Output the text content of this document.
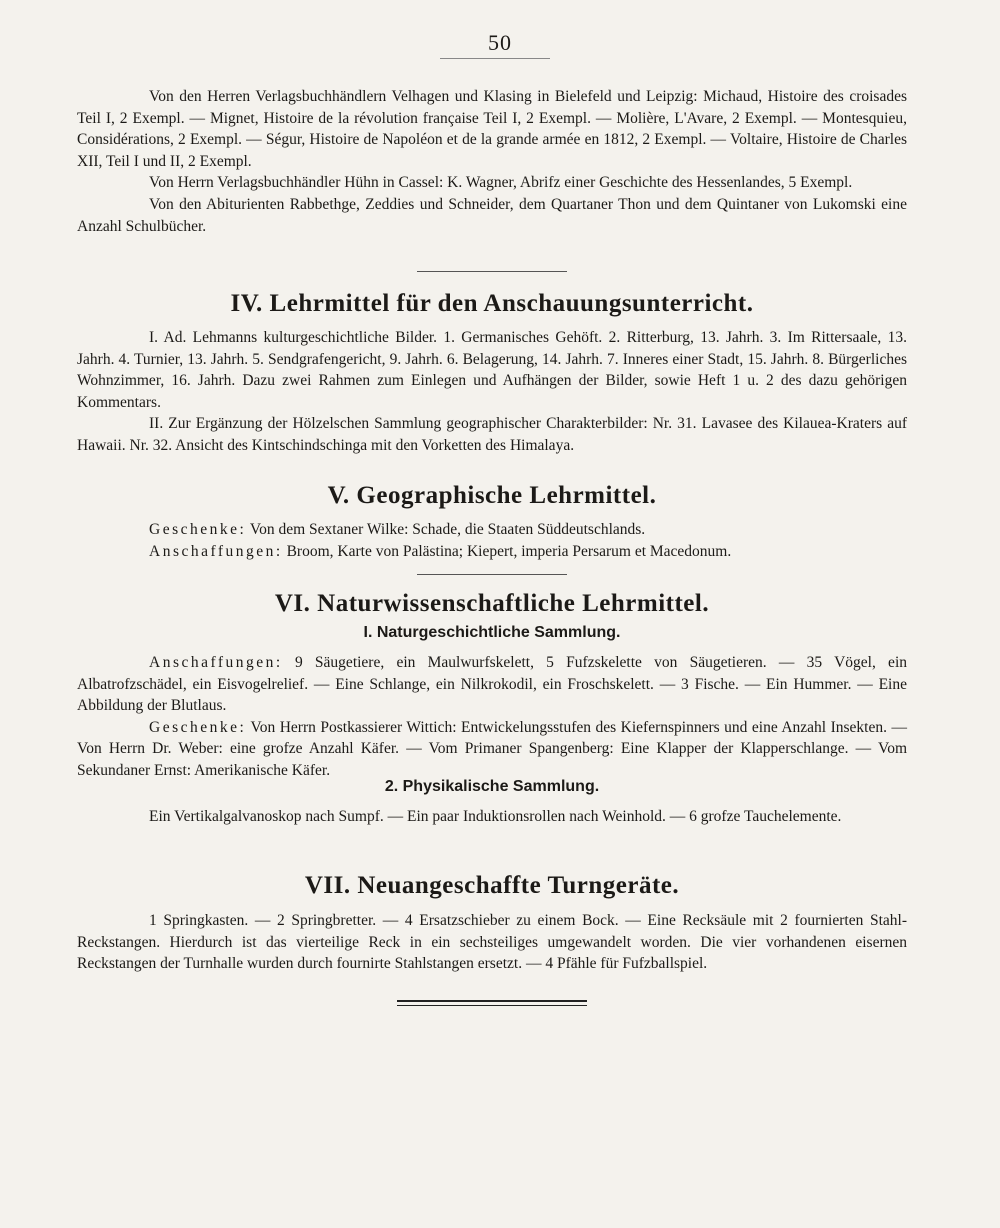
50

Von den Herren Verlagsbuchhändlern Velhagen und Klasing in Bielefeld und Leipzig: Michaud, Histoire des croisades Teil I, 2 Exempl. — Mignet, Histoire de la révolution française Teil I, 2 Exempl. — Molière, L'Avare, 2 Exempl. — Montesquieu, Considérations, 2 Exempl. — Ségur, Histoire de Napoléon et de la grande armée en 1812, 2 Exempl. — Voltaire, Histoire de Charles XII, Teil I und II, 2 Exempl.

Von Herrn Verlagsbuchhändler Hühn in Cassel: K. Wagner, Abrifz einer Geschichte des Hessenlandes, 5 Exempl.

Von den Abiturienten Rabbethge, Zeddies und Schneider, dem Quartaner Thon und dem Quintaner von Lukomski eine Anzahl Schulbücher.

IV. Lehrmittel für den Anschauungsunterricht.

I. Ad. Lehmanns kulturgeschichtliche Bilder. 1. Germanisches Gehöft. 2. Ritterburg, 13. Jahrh. 3. Im Rittersaale, 13. Jahrh. 4. Turnier, 13. Jahrh. 5. Sendgrafengericht, 9. Jahrh. 6. Belagerung, 14. Jahrh. 7. Inneres einer Stadt, 15. Jahrh. 8. Bürgerliches Wohnzimmer, 16. Jahrh. Dazu zwei Rahmen zum Einlegen und Aufhängen der Bilder, sowie Heft 1 u. 2 des dazu gehörigen Kommentars.

II. Zur Ergänzung der Hölzelschen Sammlung geographischer Charakterbilder: Nr. 31. Lavasee des Kilauea-Kraters auf Hawaii. Nr. 32. Ansicht des Kintschindschinga mit den Vorketten des Himalaya.

V. Geographische Lehrmittel.

Geschenke: Von dem Sextaner Wilke: Schade, die Staaten Süddeutschlands.

Anschaffungen: Broom, Karte von Palästina; Kiepert, imperia Persarum et Macedonum.

VI. Naturwissenschaftliche Lehrmittel.
I. Naturgeschichtliche Sammlung.

Anschaffungen: 9 Säugetiere, ein Maulwurfskelett, 5 Fufzskelette von Säugetieren. — 35 Vögel, ein Albatrofzschädel, ein Eisvogelrelief. — Eine Schlange, ein Nilkrokodil, ein Froschskelett. — 3 Fische. — Ein Hummer. — Eine Abbildung der Blutlaus.

Geschenke: Von Herrn Postkassierer Wittich: Entwickelungsstufen des Kiefernspinners und eine Anzahl Insekten. — Von Herrn Dr. Weber: eine grofze Anzahl Käfer. — Vom Primaner Spangenberg: Eine Klapper der Klapperschlange. — Vom Sekundaner Ernst: Amerikanische Käfer.

2. Physikalische Sammlung.

Ein Vertikalgalvanoskop nach Sumpf. — Ein paar Induktionsrollen nach Weinhold. — 6 grofze Tauchelemente.

VII. Neuangeschaffte Turngeräte.

1 Springkasten. — 2 Springbretter. — 4 Ersatzschieber zu einem Bock. — Eine Recksäule mit 2 fournierten Stahl-Reckstangen. Hierdurch ist das vierteilige Reck in ein sechsteiliges umgewandelt worden. Die vier vorhandenen eisernen Reckstangen der Turnhalle wurden durch fournirte Stahlstangen ersetzt. — 4 Pfähle für Fufzballspiel.
